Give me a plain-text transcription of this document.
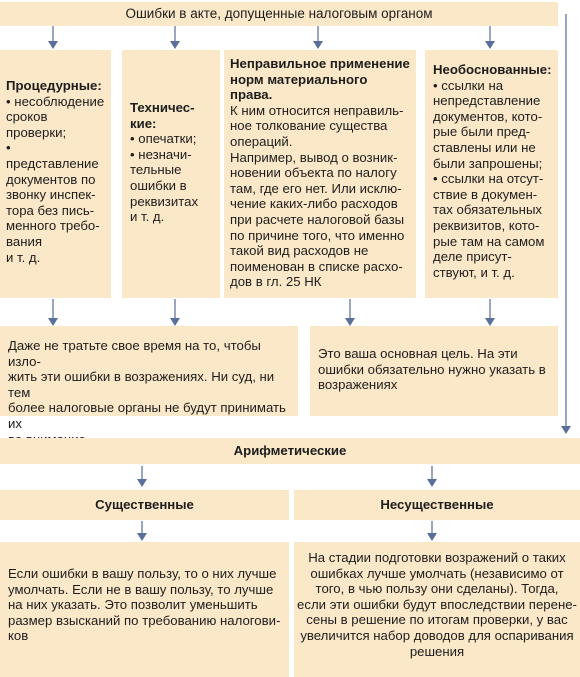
Ошибки в акте, допущенные налоговым органом
Процедурные:
• несоблюдение
сроков проверки;
• представление
документов по
звонку инспек-
тора без пись-
менного требо-
вания
и т. д.
Техничес-
кие:
• опечатки;
• незначи-
тельные
ошибки в
реквизитах
и т. д.
Неправильное применение
норм материального права.
К ним относится неправиль-
ное толкование существа
операций.
Например, вывод о возник-
новении объекта по налогу
там, где его нет. Или исклю-
чение каких-либо расходов
при расчете налоговой базы
по причине того, что именно
такой вид расходов не
поименован в списке расхо-
дов в гл. 25 НК
Необоснованные:
• ссылки на
непредставление
документов, кото-
рые были пред-
ставлены или не
были запрошены;
• ссылки на отсут-
ствие в докумен-
тах обязательных
реквизитов, кото-
рые там на самом
деле присут-
ствуют, и т. д.
Даже не тратьте свое время на то, чтобы изло-
жить эти ошибки в возражениях. Ни суд, ни тем
более налоговые органы не будут принимать их
Это ваша основная цель. На эти
ошибки обязательно нужно указать в
возражениях
Арифметические
Существенные	Несущественные
Если ошибки в вашу пользу, то о них лучше
умолчать. Если не в вашу пользу, то лучше
на них указать. Это позволит уменьшить
размер взысканий по требованию налогови-
ков
На стадии подготовки возражений о таких
ошибках лучше умолчать (независимо от
того, в чью пользу они сделаны). Тогда,
если эти ошибки будут впоследствии перене-
сены в решение по итогам проверки, у вас
увеличится набор доводов для оспаривания
решения
